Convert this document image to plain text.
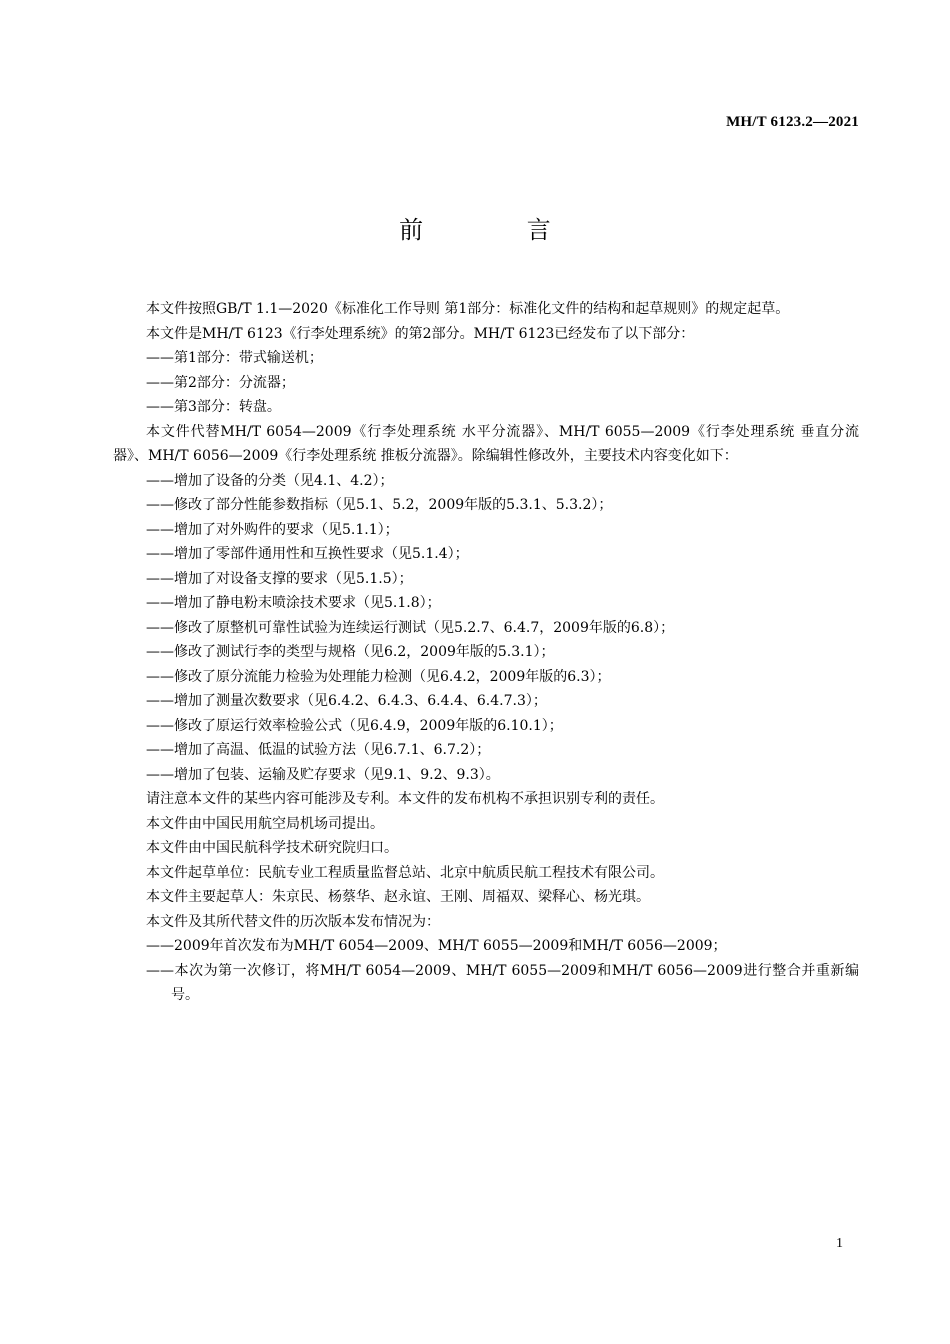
MH/T 6123.2—2021
前 言

本文件按照GB/T 1.1—2020《标准化工作导则 第1部分：标准化文件的结构和起草规则》的规定起草。

本文件是MH/T 6123《行李处理系统》的第2部分。MH/T 6123已经发布了以下部分：

——第1部分：带式输送机；

——第2部分：分流器；

——第3部分：转盘。

本文件代替MH/T 6054—2009《行李处理系统 水平分流器》、MH/T 6055—2009《行李处理系统 垂直分流器》、MH/T 6056—2009《行李处理系统 推板分流器》。除编辑性修改外，主要技术内容变化如下：

——增加了设备的分类（见4.1、4.2）；

——修改了部分性能参数指标（见5.1、5.2，2009年版的5.3.1、5.3.2）；

——增加了对外购件的要求（见5.1.1）；

——增加了零部件通用性和互换性要求（见5.1.4）；

——增加了对设备支撑的要求（见5.1.5）；

——增加了静电粉末喷涂技术要求（见5.1.8）；

——修改了原整机可靠性试验为连续运行测试（见5.2.7、6.4.7，2009年版的6.8）；

——修改了测试行李的类型与规格（见6.2，2009年版的5.3.1）；

——修改了原分流能力检验为处理能力检测（见6.4.2，2009年版的6.3）；

——增加了测量次数要求（见6.4.2、6.4.3、6.4.4、6.4.7.3）；

——修改了原运行效率检验公式（见6.4.9，2009年版的6.10.1）；

——增加了高温、低温的试验方法（见6.7.1、6.7.2）；

——增加了包装、运输及贮存要求（见9.1、9.2、9.3）。

请注意本文件的某些内容可能涉及专利。本文件的发布机构不承担识别专利的责任。

本文件由中国民用航空局机场司提出。

本文件由中国民航科学技术研究院归口。

本文件起草单位：民航专业工程质量监督总站、北京中航质民航工程技术有限公司。

本文件主要起草人：朱京民、杨蔡华、赵永谊、王刚、周福双、梁释心、杨光琪。

本文件及其所代替文件的历次版本发布情况为：

——2009年首次发布为MH/T 6054—2009、MH/T 6055—2009和MH/T 6056—2009；

——本次为第一次修订，将MH/T 6054—2009、MH/T 6055—2009和MH/T 6056—2009进行整合并重新编号。

1
